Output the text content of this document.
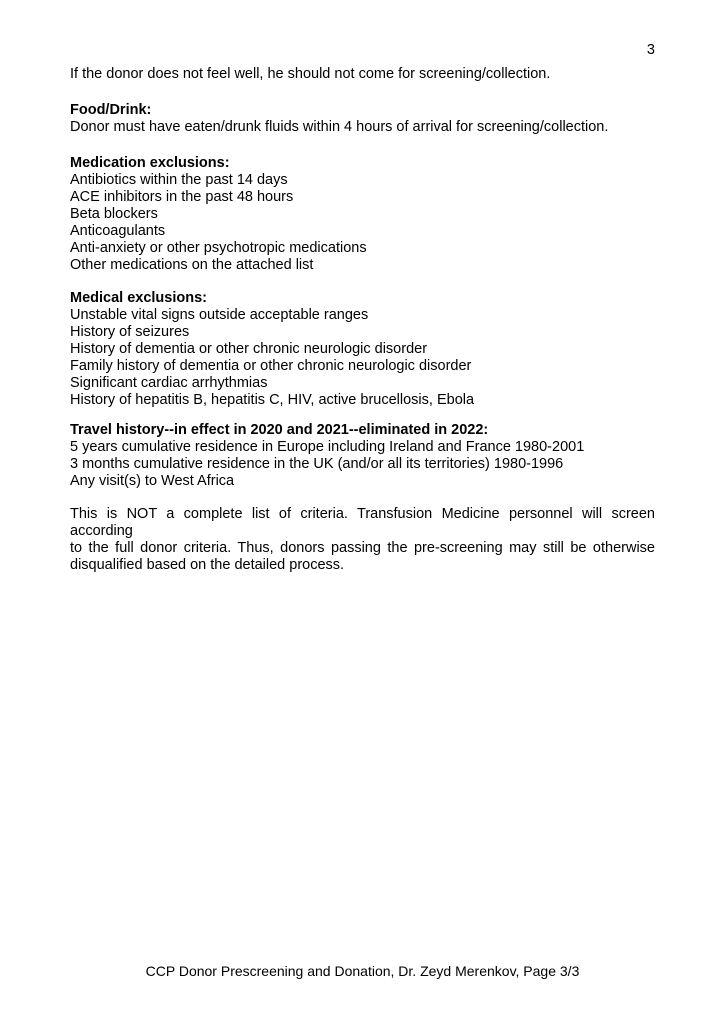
3
If the donor does not feel well, he should not come for screening/collection.
Food/Drink:
Donor must have eaten/drunk fluids within 4 hours of arrival for screening/collection.
Medication exclusions:
Antibiotics within the past 14 days
ACE inhibitors in the past 48 hours
Beta blockers
Anticoagulants
Anti-anxiety or other psychotropic medications
Other medications on the attached list
Medical exclusions:
Unstable vital signs outside acceptable ranges
History of seizures
History of dementia or other chronic neurologic disorder
Family history of dementia or other chronic neurologic disorder
Significant cardiac arrhythmias
History of hepatitis B, hepatitis C, HIV, active brucellosis, Ebola
Travel history--in effect in 2020 and 2021--eliminated in 2022:
5 years cumulative residence in Europe including Ireland and France 1980-2001
3 months cumulative residence in the UK (and/or all its territories) 1980-1996
Any visit(s) to West Africa
This is NOT a complete list of criteria. Transfusion Medicine personnel will screen according
to the full donor criteria. Thus, donors passing the pre-screening may still be otherwise
disqualified based on the detailed process.
CCP Donor Prescreening and Donation, Dr. Zeyd Merenkov, Page 3/3
